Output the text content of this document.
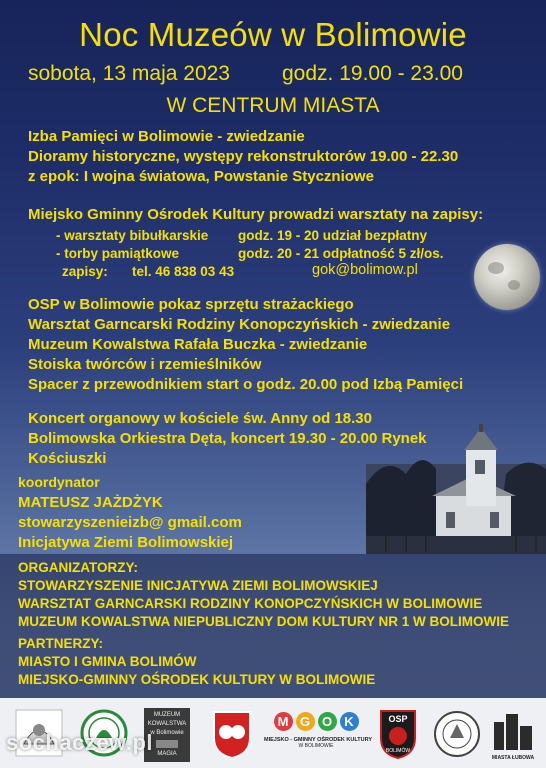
Noc Muzeów w Bolimowie
sobota, 13 maja 2023 godz. 19.00 - 23.00
W CENTRUM MIASTA
Izba Pamięci w Bolimowie - zwiedzanie
Dioramy historyczne, występy rekonstruktorów 19.00 - 22.30
z epok: I wojna światowa, Powstanie Styczniowe
Miejsko Gminny Ośrodek Kultury prowadzi warsztaty na zapisy:
- warsztaty bibułkarskie godz. 19 - 20 udział bezpłatny
- torby pamiątkowe	godz. 20 - 21 odpłatność 5 zł/os.
zapisy: tel. 46 838 03 43	gok@bolimow.pl
OSP w Bolimowie pokaz sprzętu strażackiego
Warsztat Garncarski Rodziny Konopczyńskich - zwiedzanie
Muzeum Kowalstwa Rafała Buczka - zwiedzanie
Stoiska twórców i rzemieślników
Spacer z przewodnikiem start o godz. 20.00 pod Izbą Pamięci
Koncert organowy w kościele św. Anny od 18.30
Bolimowska Orkiestra Dęta, koncert 19.30 - 20.00 Rynek
Kościuszki
koordynator
MATEUSZ JAŻDŻYK
stowarzyszenieizb@ gmail.com
Inicjatywa Ziemi Bolimowskiej
ORGANIZATORZY:
STOWARZYSZENIE INICJATYWA ZIEMI BOLIMOWSKIEJ
WARSZTAT GARNCARSKI RODZINY KONOPCZYŃSKICH W BOLIMOWIE
MUZEUM KOWALSTWA NIEPUBLICZNY DOM KULTURY NR 1 W BOLIMOWIE
PARTNERZY:
MIASTO I GMINA BOLIMÓW
MIEJSKO-GMINNY OŚRODEK KULTURY W BOLIMOWIE
MUZEUM
KOWALSTWA
w Bolimowie
MAGIA
M G O K
MIEJSKO - GMINNY OŚRODEK KULTURY
W BOLIMOWIE
OSP
BOLIMÓW
MIASTA ŁUBOWA
sochaczew.pl
